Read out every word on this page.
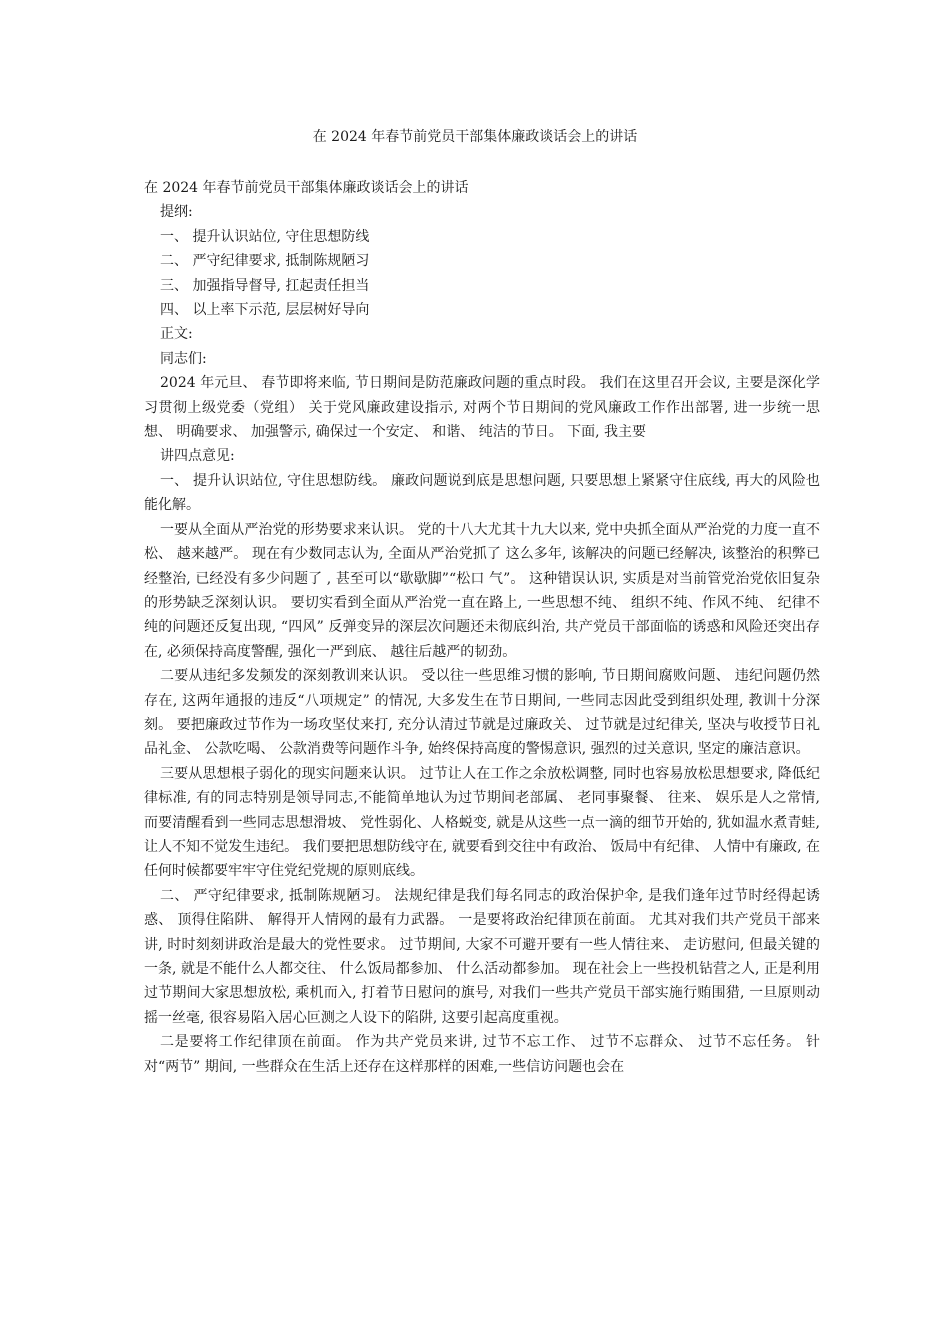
在 2024 年春节前党员干部集体廉政谈话会上的讲话

在 2024 年春节前党员干部集体廉政谈话会上的讲话

提纲:

一、 提升认识站位, 守住思想防线

二、 严守纪律要求, 抵制陈规陋习

三、 加强指导督导, 扛起责任担当

四、 以上率下示范, 层层树好导向

正文:

同志们:

2024 年元旦、 春节即将来临, 节日期间是防范廉政问题的重点时段。 我们在这里召开会议, 主要是深化学习贯彻上级党委（党组） 关于党风廉政建设指示, 对两个节日期间的党风廉政工作作出部署, 进一步统一思想、 明确要求、 加强警示, 确保过一个安定、 和谐、 纯洁的节日。 下面, 我主要

讲四点意见:

一、 提升认识站位, 守住思想防线。 廉政问题说到底是思想问题, 只要思想上紧紧守住底线, 再大的风险也能化解。

一要从全面从严治党的形势要求来认识。 党的十八大尤其十九大以来, 党中央抓全面从严治党的力度一直不松、 越来越严。 现在有少数同志认为, 全面从严治党抓了 这么多年, 该解决的问题已经解决, 该整治的积弊已经整治, 已经没有多少问题了 , 甚至可以“歇歇脚”“松口 气”。 这种错误认识, 实质是对当前管党治党依旧复杂的形势缺乏深刻认识。 要切实看到全面从严治党一直在路上, 一些思想不纯、 组织不纯、作风不纯、 纪律不纯的问题还反复出现, “四风” 反弹变异的深层次问题还未彻底纠治, 共产党员干部面临的诱惑和风险还突出存在, 必须保持高度警醒, 强化一严到底、 越往后越严的韧劲。

二要从违纪多发频发的深刻教训来认识。 受以往一些思维习惯的影响, 节日期间腐败问题、 违纪问题仍然存在, 这两年通报的违反“八项规定” 的情况, 大多发生在节日期间, 一些同志因此受到组织处理, 教训十分深刻。 要把廉政过节作为一场攻坚仗来打, 充分认清过节就是过廉政关、 过节就是过纪律关, 坚决与收授节日礼品礼金、 公款吃喝、 公款消费等问题作斗争, 始终保持高度的警惕意识, 强烈的过关意识, 坚定的廉洁意识。

三要从思想根子弱化的现实问题来认识。 过节让人在工作之余放松调整, 同时也容易放松思想要求, 降低纪律标准, 有的同志特别是领导同志,不能简单地认为过节期间老部属、 老同事聚餐、 往来、 娱乐是人之常情, 而要清醒看到一些同志思想滑坡、 党性弱化、人格蜕变, 就是从这些一点一滴的细节开始的, 犹如温水煮青蛙, 让人不知不觉发生违纪。 我们要把思想防线守在, 就要看到交往中有政治、 饭局中有纪律、 人情中有廉政, 在任何时候都要牢牢守住党纪党规的原则底线。

二、 严守纪律要求, 抵制陈规陋习。 法规纪律是我们每名同志的政治保护伞, 是我们逢年过节时经得起诱惑、 顶得住陷阱、 解得开人情网的最有力武器。 一是要将政治纪律顶在前面。 尤其对我们共产党员干部来讲, 时时刻刻讲政治是最大的党性要求。 过节期间, 大家不可避开要有一些人情往来、 走访慰问, 但最关键的一条, 就是不能什么人都交往、 什么饭局都参加、 什么活动都参加。 现在社会上一些投机钻营之人, 正是利用过节期间大家思想放松, 乘机而入, 打着节日慰问的旗号, 对我们一些共产党员干部实施行贿围猎, 一旦原则动摇一丝毫, 很容易陷入居心叵测之人设下的陷阱, 这要引起高度重视。

二是要将工作纪律顶在前面。 作为共产党员来讲, 过节不忘工作、 过节不忘群众、 过节不忘任务。 针对“两节” 期间, 一些群众在生活上还存在这样那样的困难,一些信访问题也会在
